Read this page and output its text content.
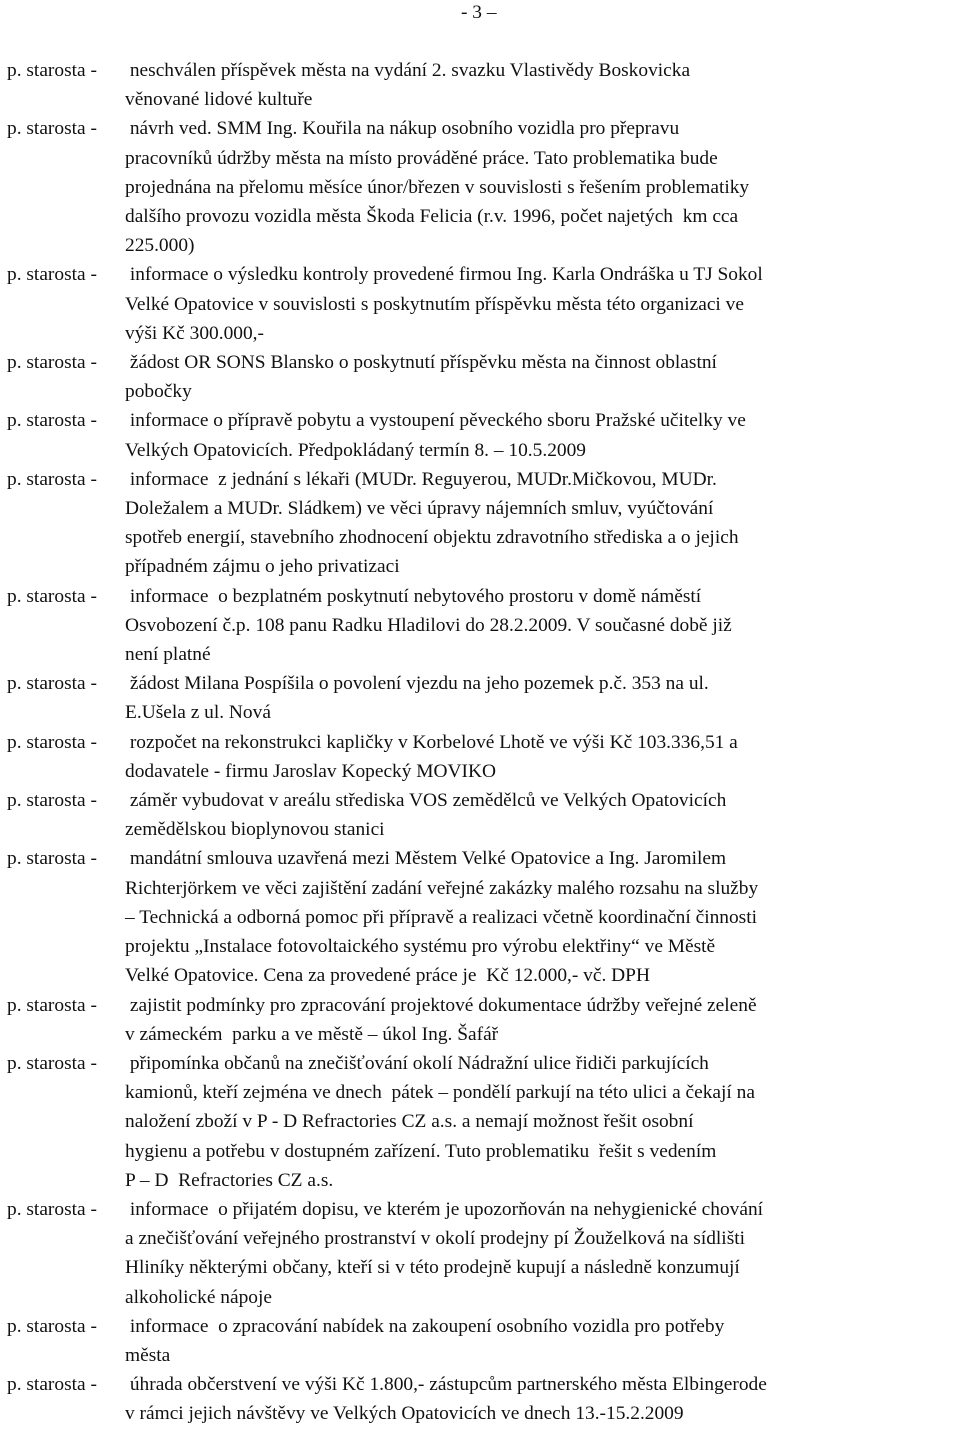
- 3 –
p. starosta - neschválen příspěvek města na vydání 2. svazku Vlastivědy Boskovicka
věnované lidové kultuře
p. starosta - návrh ved. SMM Ing. Kouřila na nákup osobního vozidla pro přepravu
pracovníků údržby města na místo prováděné práce. Tato problematika bude
projednána na přelomu měsíce únor/březen v souvislosti s řešením problematiky
dalšího provozu vozidla města Škoda Felicia (r.v. 1996, počet najetých  km cca
225.000)
p. starosta - informace o výsledku kontroly provedené firmou Ing. Karla Ondráška u TJ Sokol
Velké Opatovice v souvislosti s poskytnutím příspěvku města této organizaci ve
výši Kč 300.000,-
p. starosta - žádost OR SONS Blansko o poskytnutí příspěvku města na činnost oblastní
pobočky
p. starosta - informace o přípravě pobytu a vystoupení pěveckého sboru Pražské učitelky ve
Velkých Opatovicích. Předpokládaný termín 8. – 10.5.2009
p. starosta - informace  z jednání s lékaři (MUDr. Reguyerou, MUDr.Mičkovou, MUDr.
Doležalem a MUDr. Sládkem) ve věci úpravy nájemních smluv, vyúčtování
spotřeb energií, stavebního zhodnocení objektu zdravotního střediska a o jejich
případném zájmu o jeho privatizaci
p. starosta - informace  o bezplatném poskytnutí nebytového prostoru v domě náměstí
Osvobození č.p. 108 panu Radku Hladilovi do 28.2.2009. V současné době již
není platné
p. starosta - žádost Milana Pospíšila o povolení vjezdu na jeho pozemek p.č. 353 na ul.
E.Ušela z ul. Nová
p. starosta - rozpočet na rekonstrukci kapličky v Korbelové Lhotě ve výši Kč 103.336,51 a
dodavatele - firmu Jaroslav Kopecký MOVIKO
p. starosta - záměr vybudovat v areálu střediska VOS zemědělců ve Velkých Opatovicích
zemědělskou bioplynovou stanici
p. starosta - mandátní smlouva uzavřená mezi Městem Velké Opatovice a Ing. Jaromilem
Richterjörkem ve věci zajištění zadání veřejné zakázky malého rozsahu na služby
– Technická a odborná pomoc při přípravě a realizaci včetně koordinační činnosti
projektu „Instalace fotovoltaického systému pro výrobu elektřiny“ ve Městě
Velké Opatovice. Cena za provedené práce je  Kč 12.000,- vč. DPH
p. starosta - zajistit podmínky pro zpracování projektové dokumentace údržby veřejné zeleně
v zámeckém  parku a ve městě – úkol Ing. Šafář
p. starosta - připomínka občanů na znečišťování okolí Nádražní ulice řidiči parkujících
kamionů, kteří zejména ve dnech  pátek – pondělí parkují na této ulici a čekají na
naložení zboží v P - D Refractories CZ a.s. a nemají možnost řešit osobní
hygienu a potřebu v dostupném zařízení. Tuto problematiku  řešit s vedením
P – D  Refractories CZ a.s.
p. starosta - informace  o přijatém dopisu, ve kterém je upozorňován na nehygienické chování
a znečišťování veřejného prostranství v okolí prodejny pí Žouželková na sídlišti
Hliníky některými občany, kteří si v této prodejně kupují a následně konzumují
alkoholické nápoje
p. starosta - informace  o zpracování nabídek na zakoupení osobního vozidla pro potřeby
města
p. starosta - úhrada občerstvení ve výši Kč 1.800,- zástupcům partnerského města Elbingerode
v rámci jejich návštěvy ve Velkých Opatovicích ve dnech 13.-15.2.2009
